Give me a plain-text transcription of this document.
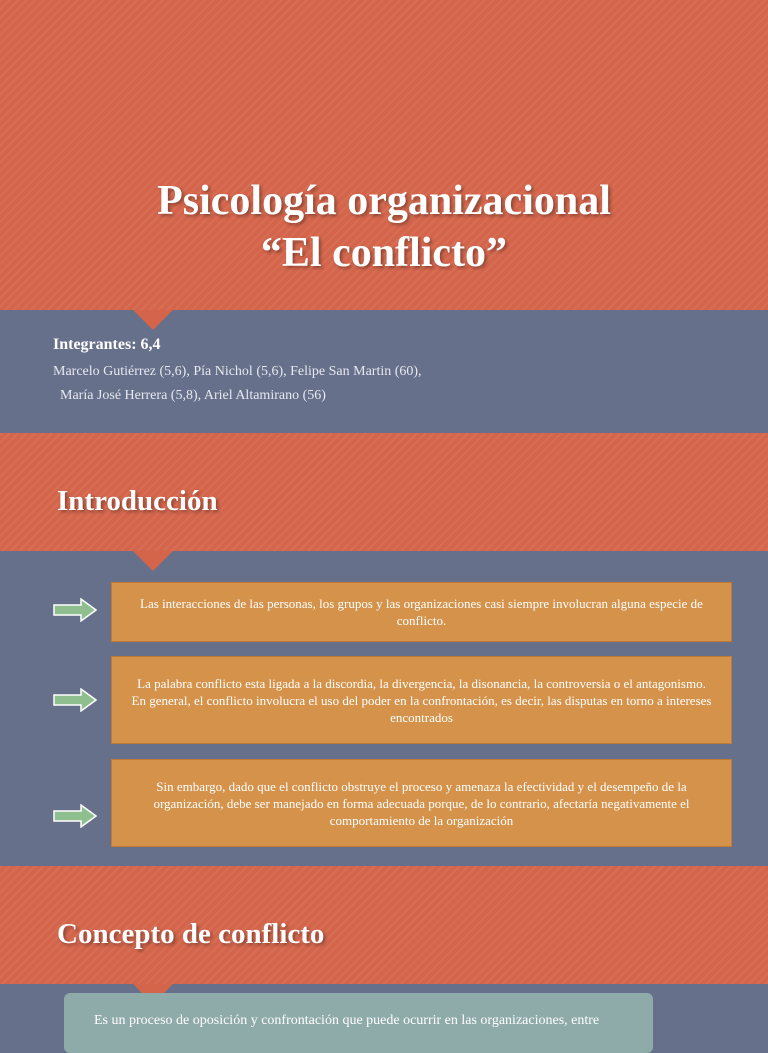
Psicología organizacional
“El conflicto”
Integrantes: 6,4
Marcelo Gutiérrez (5,6), Pía Nichol (5,6), Felipe San Martin (60),
María José Herrera (5,8), Ariel Altamirano (56)
Introducción
Las interacciones de las personas, los grupos y las organizaciones casi siempre involucran alguna especie de conflicto.
La palabra conflicto esta ligada a la discordia, la divergencia, la disonancia, la controversia o el antagonismo.
En general, el conflicto involucra el uso del poder en la confrontación, es decir, las disputas en torno a intereses encontrados
Sin embargo, dado que el conflicto obstruye el proceso y amenaza la efectividad y el desempeño de la organización, debe ser manejado en forma adecuada porque, de lo contrario, afectaría negativamente el comportamiento de la organización
Concepto de conflicto
Es un proceso de oposición y confrontación que puede ocurrir en las organizaciones, entre
